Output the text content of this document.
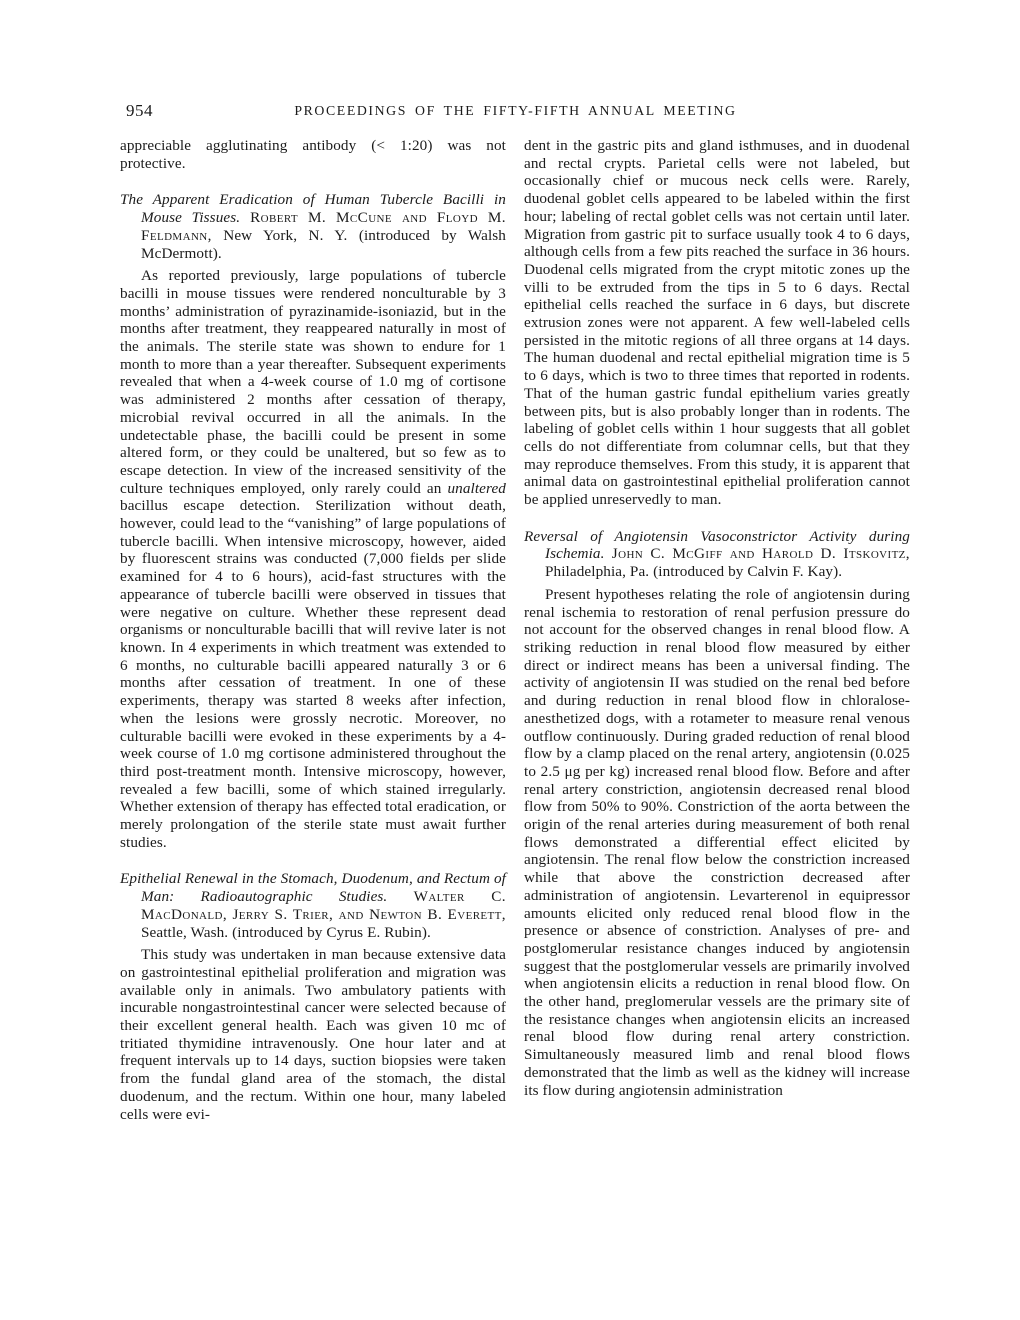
954	PROCEEDINGS OF THE FIFTY-FIFTH ANNUAL MEETING

appreciable agglutinating antibody (< 1:20) was not protective.

The Apparent Eradication of Human Tubercle Bacilli in Mouse Tissues. Robert M. McCune and Floyd M. Feldmann, New York, N. Y. (introduced by Walsh McDermott).

As reported previously, large populations of tubercle bacilli in mouse tissues were rendered nonculturable by 3 months’ administration of pyrazinamide-isoniazid, but in the months after treatment, they reappeared naturally in most of the animals. The sterile state was shown to endure for 1 month to more than a year thereafter. Subsequent experiments revealed that when a 4-week course of 1.0 mg of cortisone was administered 2 months after cessation of therapy, microbial revival occurred in all the animals. In the undetectable phase, the bacilli could be present in some altered form, or they could be unaltered, but so few as to escape detection. In view of the increased sensitivity of the culture techniques employed, only rarely could an unaltered bacillus escape detection. Sterilization without death, however, could lead to the “vanishing” of large populations of tubercle bacilli. When intensive microscopy, however, aided by fluorescent strains was conducted (7,000 fields per slide examined for 4 to 6 hours), acid-fast structures with the appearance of tubercle bacilli were observed in tissues that were negative on culture. Whether these represent dead organisms or nonculturable bacilli that will revive later is not known. In 4 experiments in which treatment was extended to 6 months, no culturable bacilli appeared naturally 3 or 6 months after cessation of treatment. In one of these experiments, therapy was started 8 weeks after infection, when the lesions were grossly necrotic. Moreover, no culturable bacilli were evoked in these experiments by a 4-week course of 1.0 mg cortisone administered throughout the third post-treatment month. Intensive microscopy, however, revealed a few bacilli, some of which stained irregularly. Whether extension of therapy has effected total eradication, or merely prolongation of the sterile state must await further studies.

Epithelial Renewal in the Stomach, Duodenum, and Rectum of Man: Radioautographic Studies. Walter C. MacDonald, Jerry S. Trier, and Newton B. Everett, Seattle, Wash. (introduced by Cyrus E. Rubin).

This study was undertaken in man because extensive data on gastrointestinal epithelial proliferation and migration was available only in animals. Two ambulatory patients with incurable nongastrointestinal cancer were selected because of their excellent general health. Each was given 10 mc of tritiated thymidine intravenously. One hour later and at frequent intervals up to 14 days, suction biopsies were taken from the fundal gland area of the stomach, the distal duodenum, and the rectum. Within one hour, many labeled cells were evi-

dent in the gastric pits and gland isthmuses, and in duodenal and rectal crypts. Parietal cells were not labeled, but occasionally chief or mucous neck cells were. Rarely, duodenal goblet cells appeared to be labeled within the first hour; labeling of rectal goblet cells was not certain until later. Migration from gastric pit to surface usually took 4 to 6 days, although cells from a few pits reached the surface in 36 hours. Duodenal cells migrated from the crypt mitotic zones up the villi to be extruded from the tips in 5 to 6 days. Rectal epithelial cells reached the surface in 6 days, but discrete extrusion zones were not apparent. A few well-labeled cells persisted in the mitotic regions of all three organs at 14 days. The human duodenal and rectal epithelial migration time is 5 to 6 days, which is two to three times that reported in rodents. That of the human gastric fundal epithelium varies greatly between pits, but is also probably longer than in rodents. The labeling of goblet cells within 1 hour suggests that all goblet cells do not differentiate from columnar cells, but that they may reproduce themselves. From this study, it is apparent that animal data on gastrointestinal epithelial proliferation cannot be applied unreservedly to man.

Reversal of Angiotensin Vasoconstrictor Activity during Ischemia. John C. McGiff and Harold D. Itskovitz, Philadelphia, Pa. (introduced by Calvin F. Kay).

Present hypotheses relating the role of angiotensin during renal ischemia to restoration of renal perfusion pressure do not account for the observed changes in renal blood flow. A striking reduction in renal blood flow measured by either direct or indirect means has been a universal finding. The activity of angiotensin II was studied on the renal bed before and during reduction in renal blood flow in chloralose-anesthetized dogs, with a rotameter to measure renal venous outflow continuously. During graded reduction of renal blood flow by a clamp placed on the renal artery, angiotensin (0.025 to 2.5 μg per kg) increased renal blood flow. Before and after renal artery constriction, angiotensin decreased renal blood flow from 50% to 90%. Constriction of the aorta between the origin of the renal arteries during measurement of both renal flows demonstrated a differential effect elicited by angiotensin. The renal flow below the constriction increased while that above the constriction decreased after administration of angiotensin. Levarterenol in equipressor amounts elicited only reduced renal blood flow in the presence or absence of constriction. Analyses of pre- and postglomerular resistance changes induced by angiotensin suggest that the postglomerular vessels are primarily involved when angiotensin elicits a reduction in renal blood flow. On the other hand, preglomerular vessels are the primary site of the resistance changes when angiotensin elicits an increased renal blood flow during renal artery constriction. Simultaneously measured limb and renal blood flows demonstrated that the limb as well as the kidney will increase its flow during angiotensin administration
